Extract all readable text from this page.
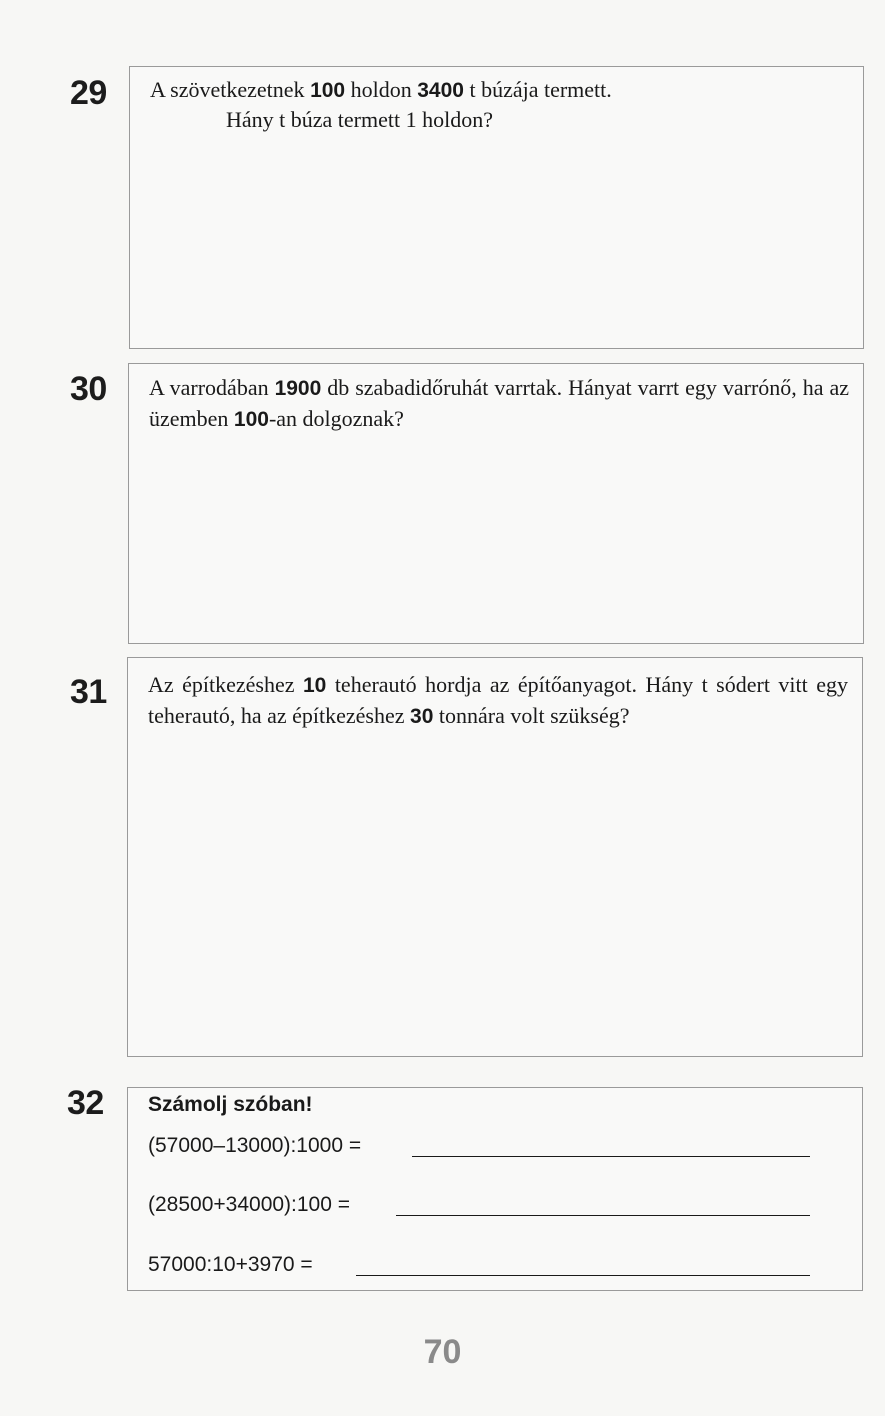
29 A szövetkezetnek 100 holdon 3400 t búzája termett.

Hány t búza termett 1 holdon?

30 A varrodában 1900 db szabadidőruhát varrtak. Hányat varrt egy varrónő, ha az üzemben 100-an dolgoznak?

31 Az építkezéshez 10 teherautó hordja az építőanyagot. Hány t sódert vitt egy teherautó, ha az építkezéshez 30 tonnára volt szükség?

32 Számolj szóban!

(57000–13000):1000 =
(28500+34000):100 =
57000:10+3970 =
70
